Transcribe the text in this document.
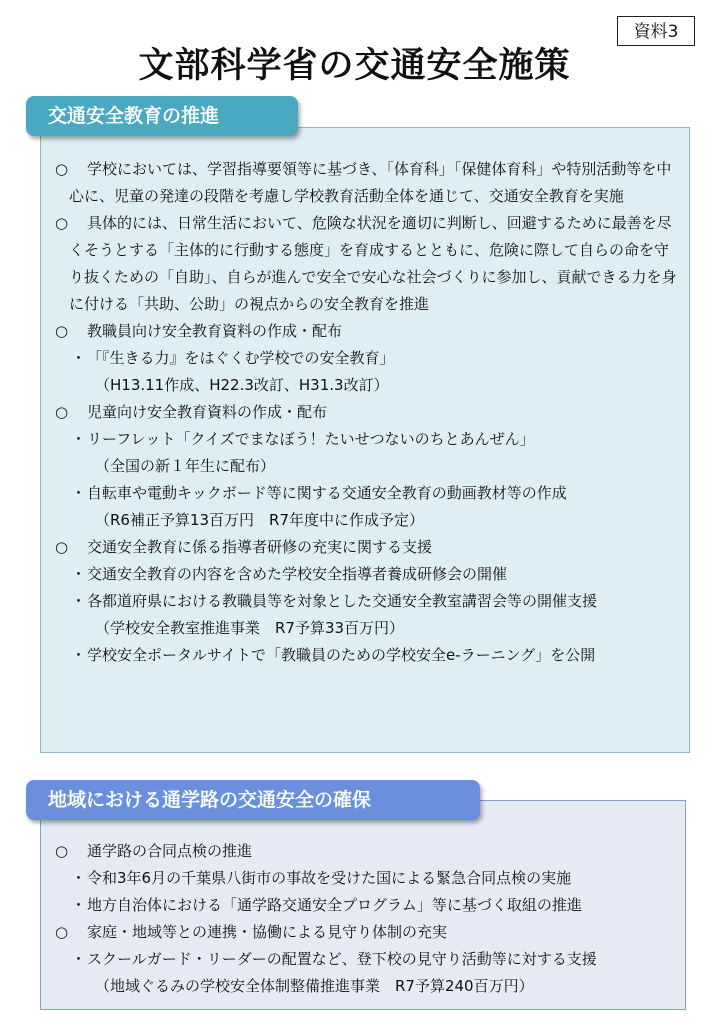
資料3
文部科学省の交通安全施策
交通安全教育の推進
○ 学校においては、学習指導要領等に基づき、「体育科」「保健体育科」や特別活動等を中心に、児童の発達の段階を考慮し学校教育活動全体を通じて、交通安全教育を実施
○ 具体的には、日常生活において、危険な状況を適切に判断し、回避するために最善を尽くそうとする「主体的に行動する態度」を育成するとともに、危険に際して自らの命を守り抜くための「自助」、自らが進んで安全で安心な社会づくりに参加し、貢献できる力を身に付ける「共助、公助」の視点からの安全教育を推進
○ 教職員向け安全教育資料の作成・配布
・「『生きる力』をはぐくむ学校での安全教育」
（H13.11作成、H22.3改訂、H31.3改訂）
○ 児童向け安全教育資料の作成・配布
・リーフレット「クイズでまなぼう！たいせつないのちとあんぜん」
（全国の新１年生に配布）
・自転車や電動キックボード等に関する交通安全教育の動画教材等の作成
（R6補正予算13百万円　R7年度中に作成予定）
○ 交通安全教育に係る指導者研修の充実に関する支援
・交通安全教育の内容を含めた学校安全指導者養成研修会の開催
・各都道府県における教職員等を対象とした交通安全教室講習会等の開催支援
（学校安全教室推進事業　R7予算33百万円）
・学校安全ポータルサイトで「教職員のための学校安全e-ラーニング」を公開
地域における通学路の交通安全の確保
○ 通学路の合同点検の推進
・令和3年6月の千葉県八街市の事故を受けた国による緊急合同点検の実施
・地方自治体における「通学路交通安全プログラム」等に基づく取組の推進
○ 家庭・地域等との連携・協働による見守り体制の充実
・スクールガード・リーダーの配置など、登下校の見守り活動等に対する支援
（地域ぐるみの学校安全体制整備推進事業　R7予算240百万円）
